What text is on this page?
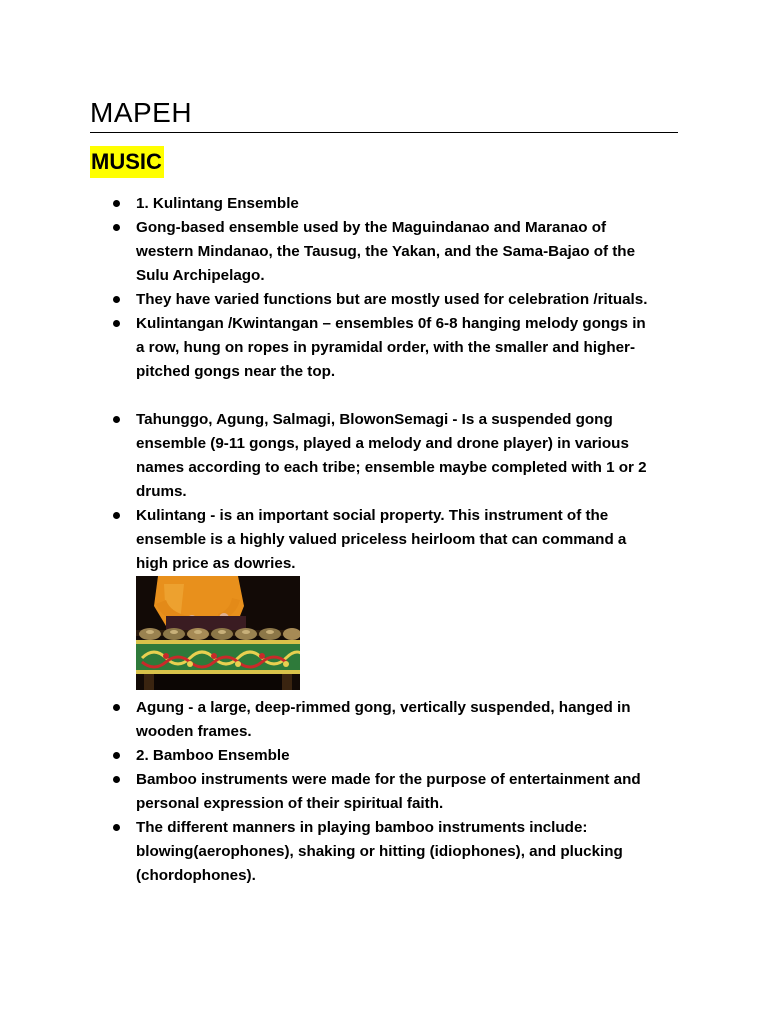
MAPEH
MUSIC
1. Kulintang Ensemble
Gong-based ensemble used by the Maguindanao and Maranao of western Mindanao, the Tausug, the Yakan, and the Sama-Bajao of the Sulu Archipelago.
They have varied functions but are mostly used for celebration /rituals.
Kulintangan /Kwintangan – ensembles 0f 6-8 hanging melody gongs in a row, hung on ropes in pyramidal order, with the smaller and higher-pitched gongs near the top.
Tahunggo, Agung, Salmagi, BlowonSemagi - Is a suspended gong ensemble (9-11 gongs, played a melody and drone player) in various names according to each tribe; ensemble maybe completed with 1 or 2 drums.
Kulintang - is an important social property. This instrument of the ensemble is a highly valued priceless heirloom that can command a high price as dowries.
Agung - a large, deep-rimmed gong, vertically suspended, hanged in wooden frames.
2. Bamboo Ensemble
Bamboo instruments were made for the purpose of entertainment and personal expression of their spiritual faith.
The different manners in playing bamboo instruments include: blowing(aerophones), shaking or hitting (idiophones), and plucking (chordophones).
